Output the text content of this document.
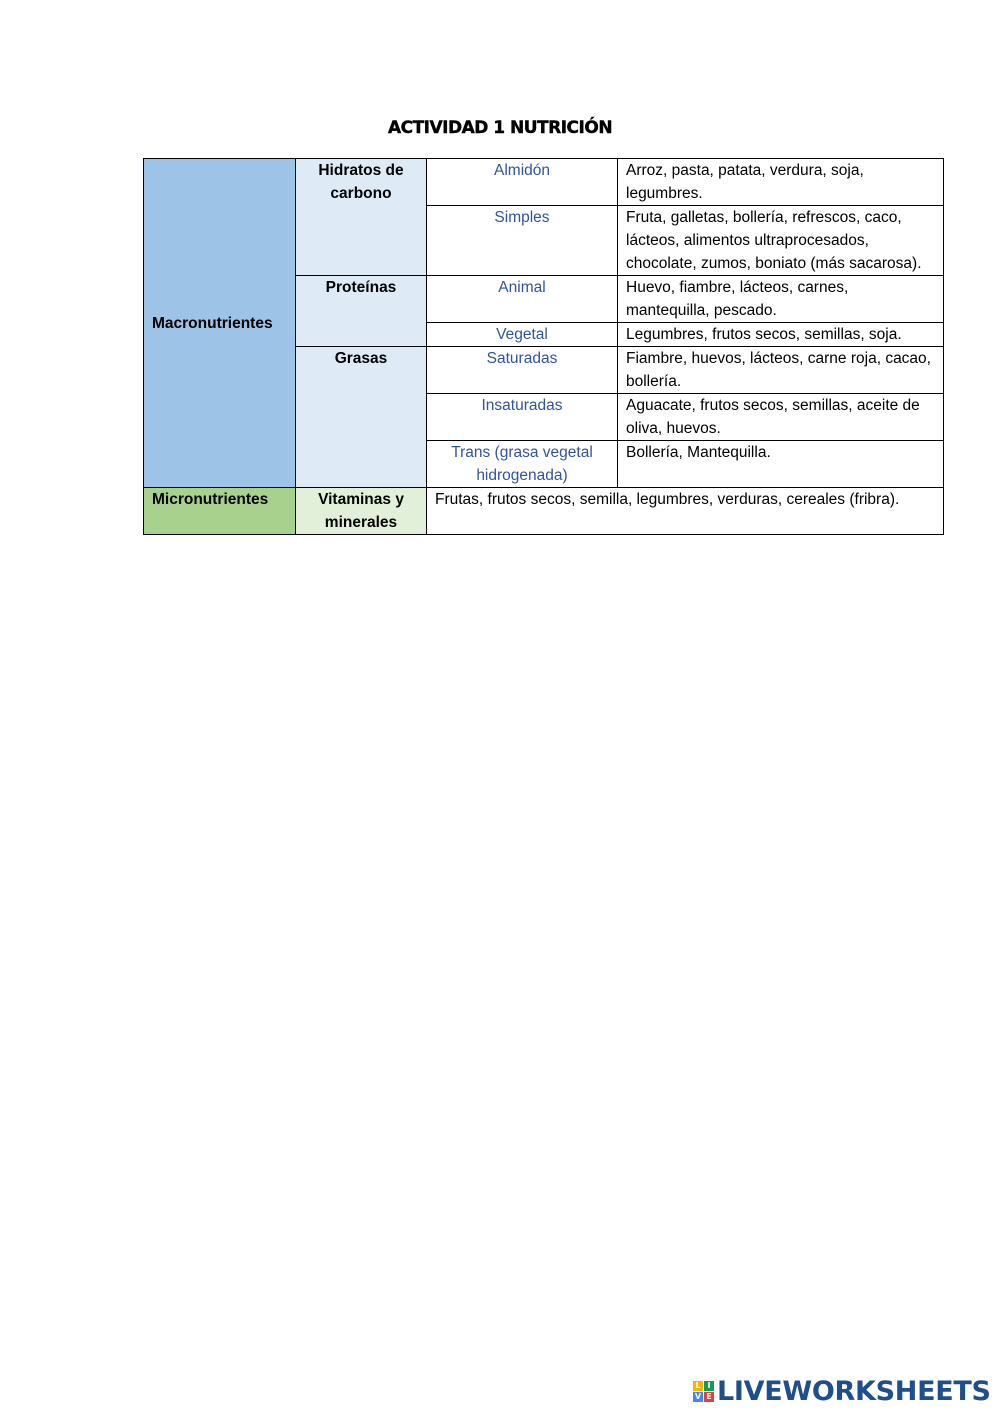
ACTIVIDAD 1 NUTRICIÓN
Macronutrientes	Hidratos de carbono	Almidón	Arroz, pasta, patata, verdura, soja, legumbres.
		Simples	Fruta, galletas, bollería, refrescos, caco, lácteos, alimentos ultraprocesados, chocolate, zumos, boniato (más sacarosa).
	Proteínas	Animal	Huevo, fiambre, lácteos, carnes, mantequilla, pescado.
		Vegetal	Legumbres, frutos secos, semillas, soja.
	Grasas	Saturadas	Fiambre, huevos, lácteos, carne roja, cacao, bollería.
		Insaturadas	Aguacate, frutos secos, semillas, aceite de oliva, huevos.
		Trans (grasa vegetal hidrogenada)	Bollería, Mantequilla.
Micronutrientes	Vitaminas y minerales	Frutas, frutos secos, semilla, legumbres, verduras, cereales (fribra).	
L I
V E LIVEWORKSHEETS
